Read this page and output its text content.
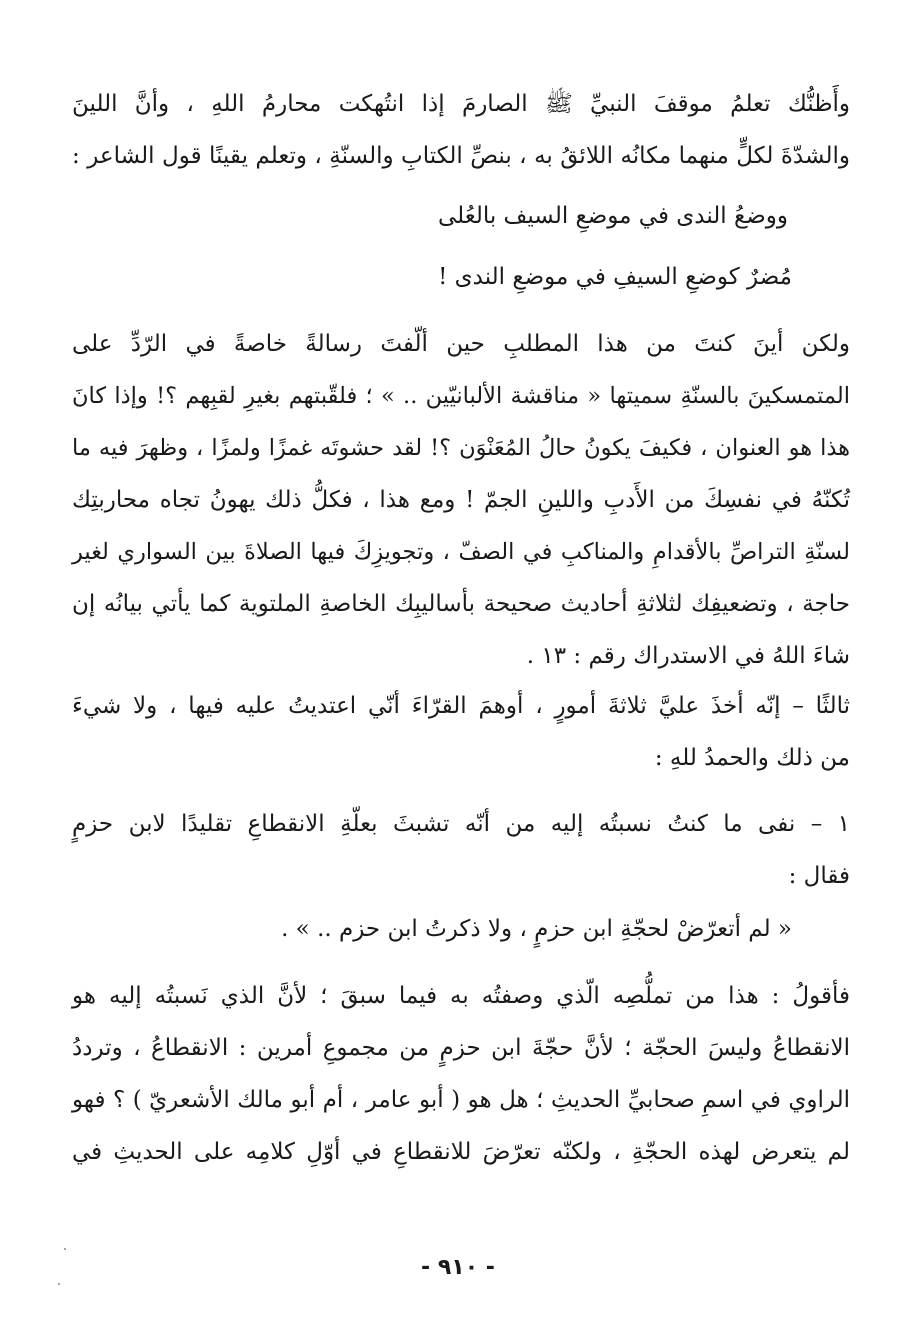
وأَظنُّك تعلمُ موقفَ النبيِّ ﷺ الصارمَ إذا انتُهكت محارمُ اللهِ ، وأنَّ اللينَ
والشدّةَ لكلٍّ منهما مكانُه اللائقُ به ، بنصِّ الكتابِ والسنّةِ ، وتعلم يقينًا قول الشاعر :
ووضعُ الندى في موضعِ السيف بالعُلى
مُضرٌ كوضعِ السيفِ في موضعِ الندى !
ولكن أينَ كنتَ من هذا المطلبِ حين ألّفتَ رسالةً خاصةً في الرّدِّ على
المتمسكينَ بالسنّةِ سميتها « مناقشة الألبانيّين .. » ؛ فلقّبتهم بغيرِ لقبِهم ؟! وإذا كانَ
هذا هو العنوان ، فكيفَ يكونُ حالُ المُعَنْوَن ؟! لقد حشوتَه غمزًا ولمزًا ، وظهرَ فيه ما
تُكنّهُ في نفسِكَ من الأَدبِ واللينِ الجمّ ! ومع هذا ، فكلُّ ذلك يهونُ تجاه محاربتِك
لسنّةِ التراصِّ بالأقدامِ والمناكبِ في الصفّ ، وتجويزِكَ فيها الصلاةَ بين السواري لغير
حاجة ، وتضعيفِك لثلاثةِ أحاديث صحيحة بأساليبِك الخاصةِ الملتوية كما يأتي بيانُه إن
شاءَ اللهُ في الاستدراك رقم : ١٣ .
ثالثًا – إنّه أخذَ عليَّ ثلاثةَ أمورٍ ، أوهمَ القرّاءَ أنّي اعتديتُ عليه فيها ، ولا شيءَ
من ذلك والحمدُ للهِ :
١ – نفى ما كنتُ نسبتُه إليه من أنّه تشبثَ بعلّةِ الانقطاعِ تقليدًا لابن حزمٍ
فقال :
« لم أتعرّضْ لحجّةِ ابن حزمٍ ، ولا ذكرتُ ابن حزم .. » .
فأقولُ : هذا من تملُّصِه الّذي وصفتُه به فيما سبقَ ؛ لأنَّ الذي نَسبتُه إليه هو
الانقطاعُ وليسَ الحجّة ؛ لأنَّ حجّةَ ابن حزمٍ من مجموعِ أمرين : الانقطاعُ ، وترددُ
الراوي في اسمِ صحابيِّ الحديثِ ؛ هل هو ( أبو عامر ، أم أبو مالك الأشعريّ ) ؟ فهو
لم يتعرض لهذه الحجّةِ ، ولكنّه تعرّضَ للانقطاعِ في أوّلِ كلامِه على الحديثِ في
- ٩١٠ -
